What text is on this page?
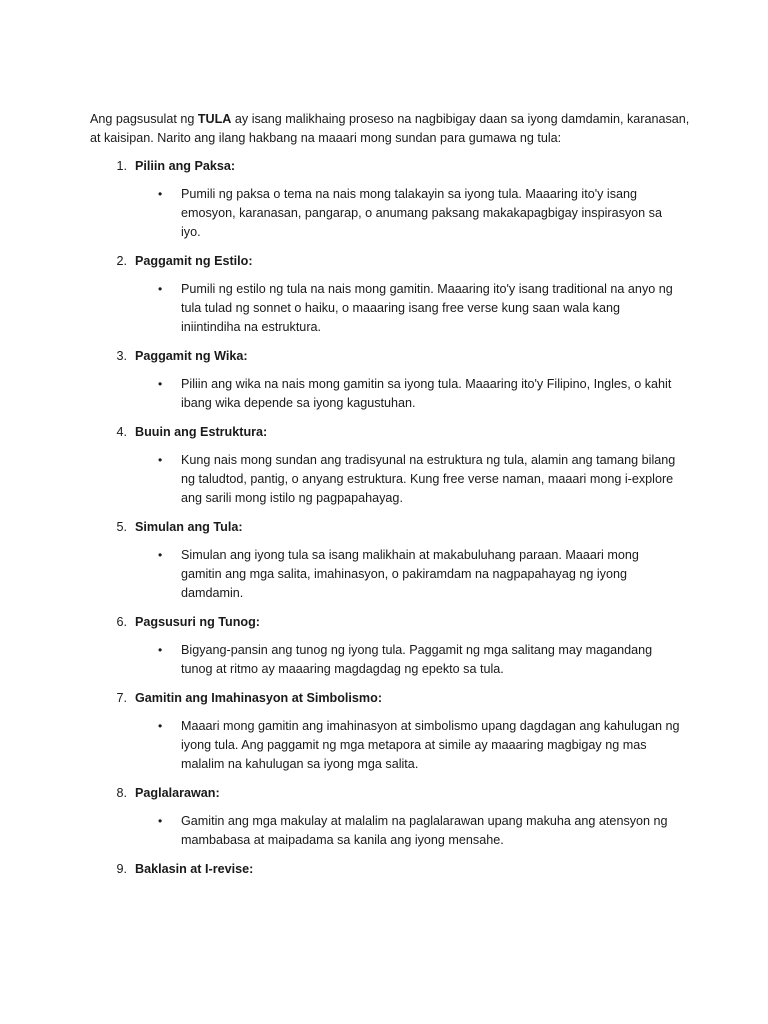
Ang pagsusulat ng TULA ay isang malikhaing proseso na nagbibigay daan sa iyong damdamin, karanasan, at kaisipan. Narito ang ilang hakbang na maaari mong sundan para gumawa ng tula:

1. Piliin ang Paksa:
• Pumili ng paksa o tema na nais mong talakayin sa iyong tula. Maaaring ito'y isang emosyon, karanasan, pangarap, o anumang paksang makakapagbigay inspirasyon sa iyo.
2. Paggamit ng Estilo:
• Pumili ng estilo ng tula na nais mong gamitin. Maaaring ito'y isang traditional na anyo ng tula tulad ng sonnet o haiku, o maaaring isang free verse kung saan wala kang iniintindiha na estruktura.
3. Paggamit ng Wika:
• Piliin ang wika na nais mong gamitin sa iyong tula. Maaaring ito'y Filipino, Ingles, o kahit ibang wika depende sa iyong kagustuhan.
4. Buuin ang Estruktura:
• Kung nais mong sundan ang tradisyunal na estruktura ng tula, alamin ang tamang bilang ng taludtod, pantig, o anyang estruktura. Kung free verse naman, maaari mong i-explore ang sarili mong istilo ng pagpapahayag.
5. Simulan ang Tula:
• Simulan ang iyong tula sa isang malikhain at makabuluhang paraan. Maaari mong gamitin ang mga salita, imahinasyon, o pakiramdam na nagpapahayag ng iyong damdamin.
6. Pagsusuri ng Tunog:
• Bigyang-pansin ang tunog ng iyong tula. Paggamit ng mga salitang may magandang tunog at ritmo ay maaaring magdagdag ng epekto sa tula.
7. Gamitin ang Imahinasyon at Simbolismo:
• Maaari mong gamitin ang imahinasyon at simbolismo upang dagdagan ang kahulugan ng iyong tula. Ang paggamit ng mga metapora at simile ay maaaring magbigay ng mas malalim na kahulugan sa iyong mga salita.
8. Paglalarawan:
• Gamitin ang mga makulay at malalim na paglalarawan upang makuha ang atensyon ng mambabasa at maipadama sa kanila ang iyong mensahe.
9. Baklasin at I-revise:
